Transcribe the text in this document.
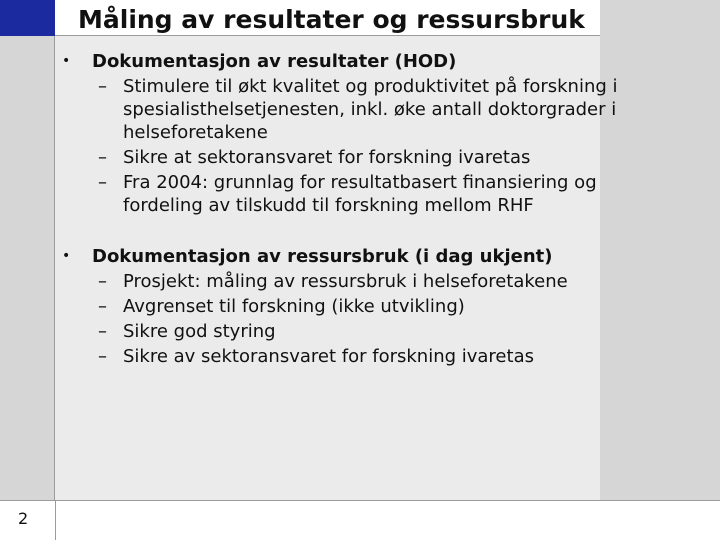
Måling av resultater og ressursbruk
2
• Dokumentasjon av resultater (HOD)
– Stimulere til økt kvalitet og produktivitet på forskning i spesialisthelsetjenesten, inkl. øke antall doktorgrader i helseforetakene
– Sikre at sektoransvaret for forskning ivaretas
– Fra 2004: grunnlag for resultatbasert finansiering og fordeling av tilskudd til forskning mellom RHF
• Dokumentasjon av ressursbruk (i dag ukjent)
– Prosjekt: måling av ressursbruk i helseforetakene
– Avgrenset til forskning (ikke utvikling)
– Sikre god styring
– Sikre av sektoransvaret for forskning ivaretas
